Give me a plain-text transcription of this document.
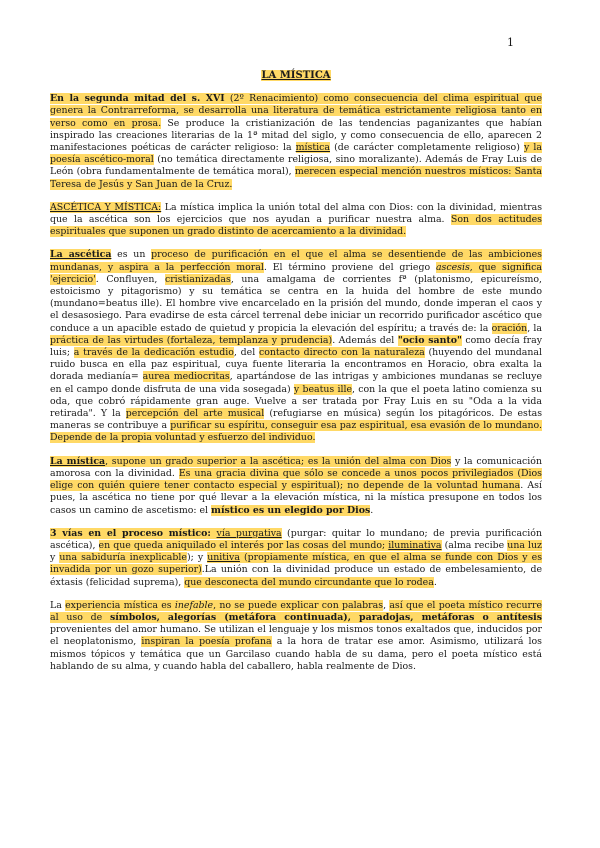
1
LA MÍSTICA

En la segunda mitad del s. XVI (2º Renacimiento) como consecuencia del clima espiritual que genera la Contrarreforma, se desarrolla una literatura de temática estrictamente religiosa tanto en verso como en prosa. Se produce la cristianización de las tendencias paganizantes que habían inspirado las creaciones literarias de la 1ª mitad del siglo, y como consecuencia de ello, aparecen 2 manifestaciones poéticas de carácter religioso: la mística (de carácter completamente religioso) y la poesía ascético-moral (no temática directamente religiosa, sino moralizante). Además de Fray Luis de León (obra fundamentalmente de temática moral), merecen especial mención nuestros místicos: Santa Teresa de Jesús y San Juan de la Cruz.

ASCÉTICA Y MÍSTICA: La mística implica la unión total del alma con Dios: con la divinidad, mientras que la ascética son los ejercicios que nos ayudan a purificar nuestra alma. Son dos actitudes espirituales que suponen un grado distinto de acercamiento a la divinidad.

La ascética es un proceso de purificación en el que el alma se desentiende de las ambiciones mundanas, y aspira a la perfección moral. El término proviene del griego ascesis, que significa 'ejercicio'. Confluyen, cristianizadas, una amalgama de corrientes fª (platonismo, epicureísmo, estoicismo y pitagorismo) y su temática se centra en la huida del hombre de este mundo (mundano=beatus ille). El hombre vive encarcelado en la prisión del mundo, donde imperan el caos y el desasosiego. Para evadirse de esta cárcel terrenal debe iniciar un recorrido purificador ascético que conduce a un apacible estado de quietud y propicia la elevación del espíritu; a través de: la oración, la práctica de las virtudes (fortaleza, templanza y prudencia). Además del "ocio santo" como decía fray luis; a través de la dedicación estudio, del contacto directo con la naturaleza (huyendo del mundanal ruido busca en ella paz espiritual, cuya fuente literaria la encontramos en Horacio, obra exalta la dorada medianía= aurea mediocritas, apartándose de las intrigas y ambiciones mundanas se recluye en el campo donde disfruta de una vida sosegada) y beatus ille, con la que el poeta latino comienza su oda, que cobró rápidamente gran auge. Vuelve a ser tratada por Fray Luis en su "Oda a la vida retirada". Y la percepción del arte musical (refugiarse en música) según los pitagóricos. De estas maneras se contribuye a purificar su espíritu, conseguir esa paz espiritual, esa evasión de lo mundano. Depende de la propia voluntad y esfuerzo del individuo.

La mística, supone un grado superior a la ascética; es la unión del alma con Dios y la comunicación amorosa con la divinidad. Es una gracia divina que sólo se concede a unos pocos privilegiados (Dios elige con quién quiere tener contacto especial y espiritual); no depende de la voluntad humana. Así pues, la ascética no tiene por qué llevar a la elevación mística, ni la mística presupone en todos los casos un camino de ascetismo: el místico es un elegido por Dios.

3 vías en el proceso místico: vía purgativa (purgar: quitar lo mundano; de previa purificación ascética), en que queda aniquilado el interés por las cosas del mundo; iluminativa (alma recibe una luz y una sabiduría inexplicable); y unitiva (propiamente mística, en que el alma se funde con Dios y es invadida por un gozo superior).La unión con la divinidad produce un estado de embelesamiento, de éxtasis (felicidad suprema), que desconecta del mundo circundante que lo rodea.

La experiencia mística es inefable, no se puede explicar con palabras, así que el poeta místico recurre al uso de símbolos, alegorías (metáfora continuada), paradojas, metáforas o antítesis provenientes del amor humano. Se utilizan el lenguaje y los mismos tonos exaltados que, inducidos por el neoplatonismo, inspiran la poesía profana a la hora de tratar ese amor. Asimismo, utilizará los mismos tópicos y temática que un Garcilaso cuando habla de su dama, pero el poeta místico está hablando de su alma, y cuando habla del caballero, habla realmente de Dios.
